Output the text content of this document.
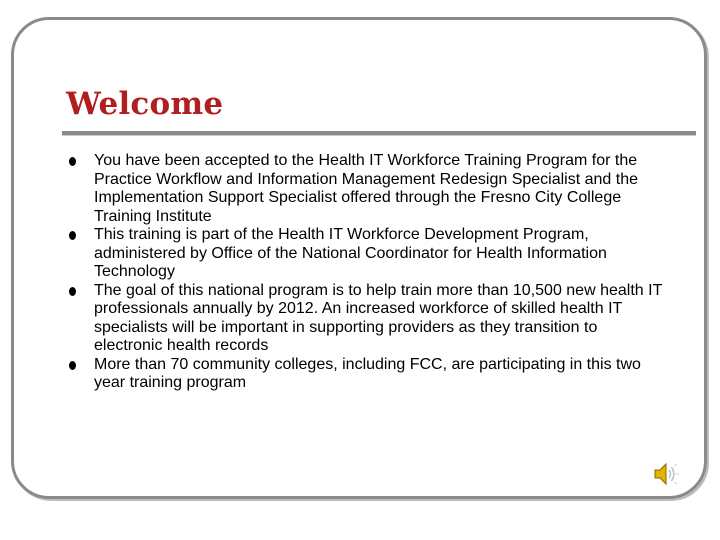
Welcome
You have been accepted to the Health IT Workforce Training Program for the Practice Workflow and Information Management Redesign Specialist and the Implementation Support Specialist offered through the Fresno City College Training Institute
This training is part of the Health IT Workforce Development Program, administered by Office of the National Coordinator for Health Information Technology
The goal of this national program is to help train more than 10,500 new health IT professionals annually by 2012. An increased workforce of skilled health IT specialists will be important in supporting providers as they transition to electronic health records
More than 70 community colleges, including FCC, are participating in this two year training program
